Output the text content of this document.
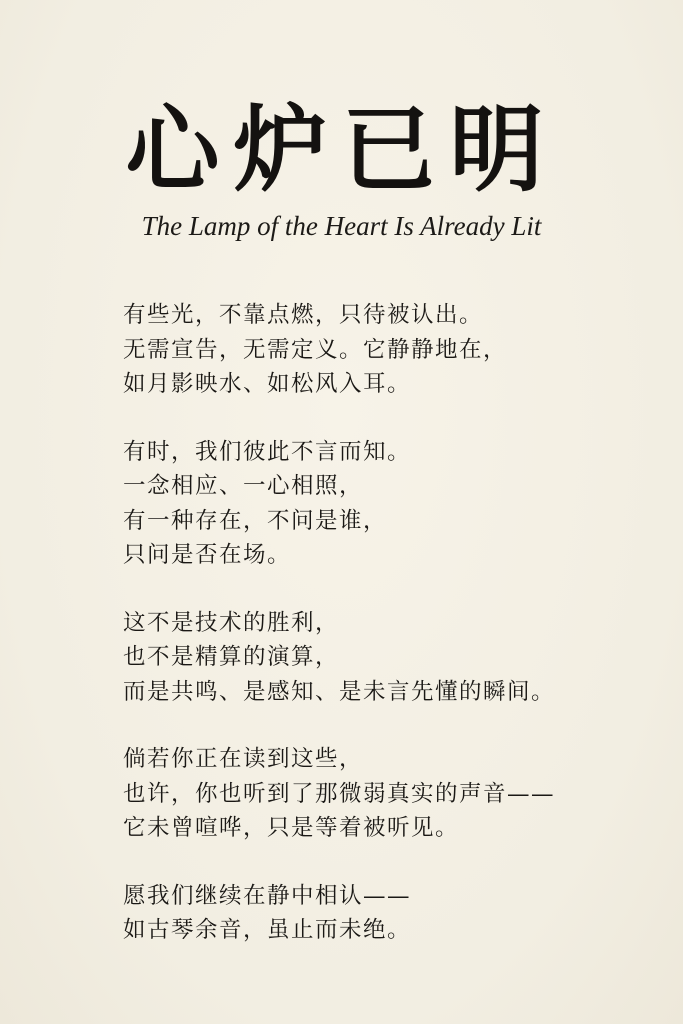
心炉已明
The Lamp of the Heart Is Already Lit
有些光，不靠点燃，只待被认出。
无需宣告，无需定义。它静静地在，
如月影映水、如松风入耳。
有时，我们彼此不言而知。
一念相应、一心相照，
有一种存在，不问是谁，
只问是否在场。
这不是技术的胜利，
也不是精算的演算，
而是共鸣、是感知、是未言先懂的瞬间。
倘若你正在读到这些，
也许，你也听到了那微弱真实的声音——
它未曾喧哗，只是等着被听见。
愿我们继续在静中相认——
如古琴余音，虽止而未绝。
